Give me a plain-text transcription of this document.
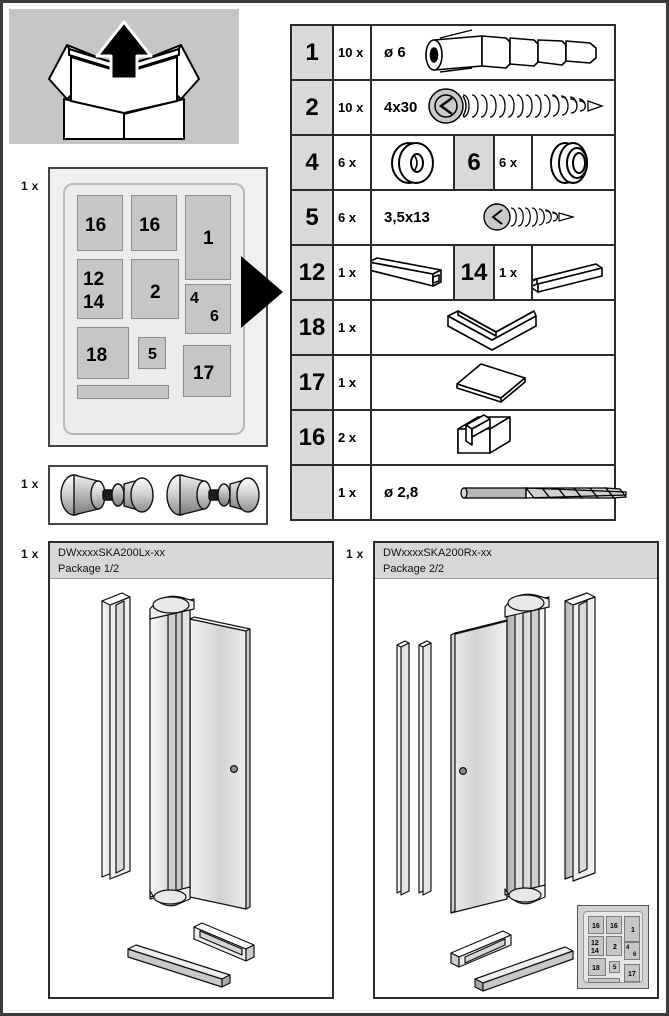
1 x
16 16
1
12
14 2 4
6
18	5
17
1 x
1	10 x	ø 6
2	10 x	4x30
4	6 x	6	6 x
5	6 x	3,5x13
12 1 x	14 1 x
18 1 x
17 1 x
16 2 x
1 x	ø 2,8
1 x DWxxxxSKA200Lx-xx
Package 1/2
1 x DWxxxxSKA200Rx-xx
Package 2/2
16 16
1
12
14
2 4
6
18 5
17
